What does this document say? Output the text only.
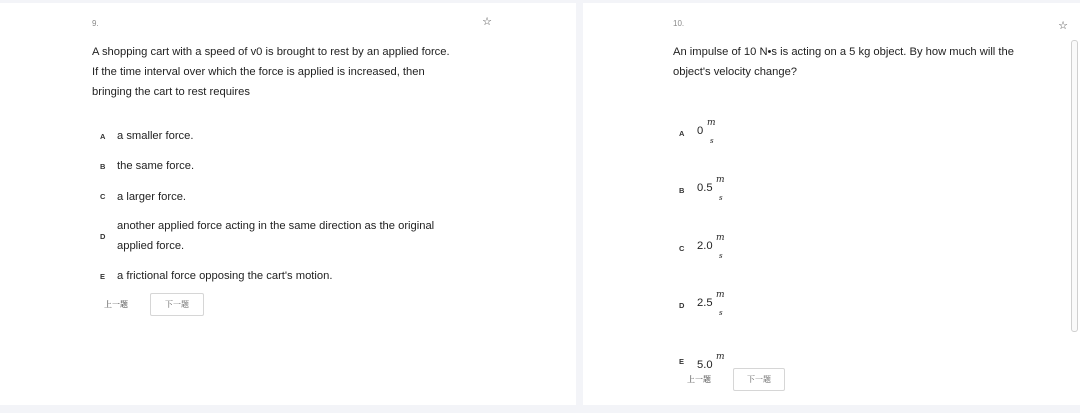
9.	☆
A shopping cart with a speed of v0 is brought to rest by an applied force.
If the time interval over which the force is applied is increased, then
bringing the cart to rest requires
A a smaller force.
B the same force.
C a larger force.
D
another applied force acting in the same direction as the original
applied force.
E a frictional force opposing the cart's motion.
上一题	下一题
10.	☆
An impulse of 10 N•s is acting on a 5 kg object. By how much will the
object's velocity change?
A 0
m
s
B 0.5
m
s
C 2.0
m
s
D 2.5
m
s
E 5.0
m
上一题	下一题
